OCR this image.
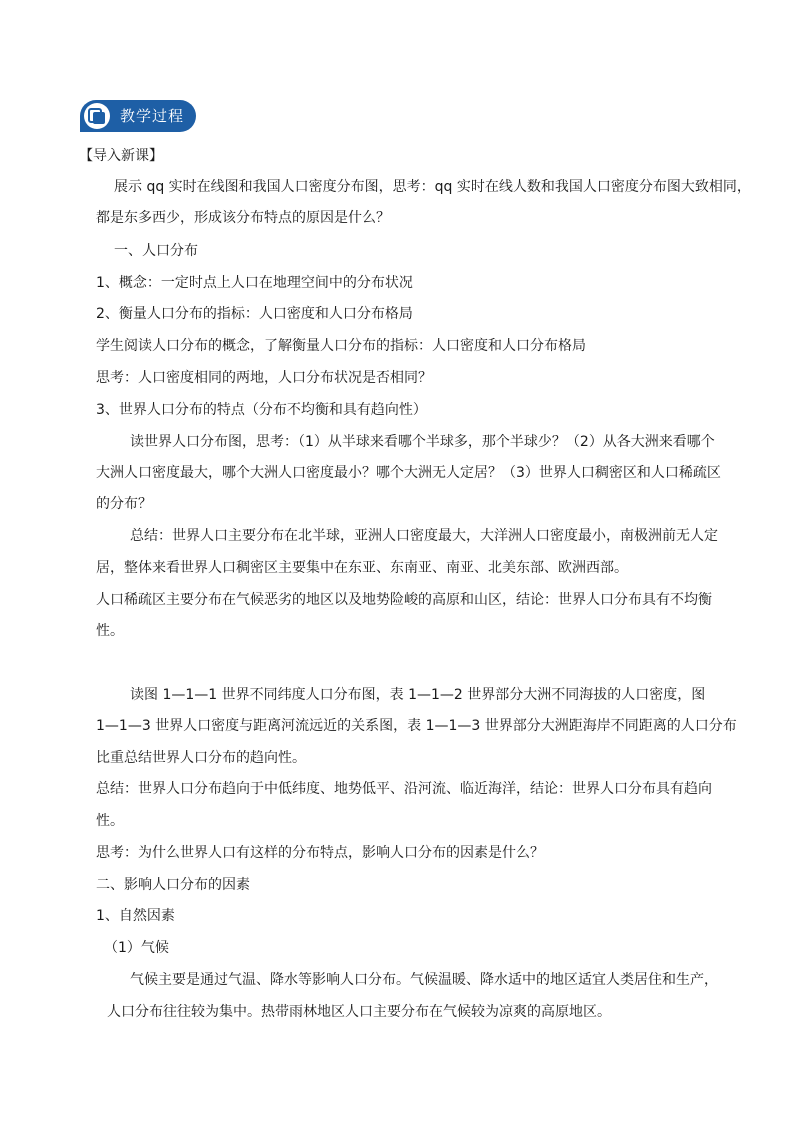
教学过程
【导入新课】
展示 qq 实时在线图和我国人口密度分布图，思考：qq 实时在线人数和我国人口密度分布图大致相同，
都是东多西少，形成该分布特点的原因是什么？
一、人口分布
1、概念：一定时点上人口在地理空间中的分布状况
2、衡量人口分布的指标：人口密度和人口分布格局
学生阅读人口分布的概念，了解衡量人口分布的指标：人口密度和人口分布格局
思考：人口密度相同的两地，人口分布状况是否相同？
3、世界人口分布的特点（分布不均衡和具有趋向性）
读世界人口分布图，思考：（1）从半球来看哪个半球多，那个半球少？（2）从各大洲来看哪个
大洲人口密度最大，哪个大洲人口密度最小？哪个大洲无人定居？（3）世界人口稠密区和人口稀疏区
的分布？
总结：世界人口主要分布在北半球，亚洲人口密度最大，大洋洲人口密度最小，南极洲前无人定
居，整体来看世界人口稠密区主要集中在东亚、东南亚、南亚、北美东部、欧洲西部。
人口稀疏区主要分布在气候恶劣的地区以及地势险峻的高原和山区，结论：世界人口分布具有不均衡
性。
读图 1—1—1 世界不同纬度人口分布图，表 1—1—2 世界部分大洲不同海拔的人口密度，图
1—1—3 世界人口密度与距离河流远近的关系图，表 1—1—3 世界部分大洲距海岸不同距离的人口分布
比重总结世界人口分布的趋向性。
总结：世界人口分布趋向于中低纬度、地势低平、沿河流、临近海洋，结论：世界人口分布具有趋向
性。
思考：为什么世界人口有这样的分布特点，影响人口分布的因素是什么？
二、影响人口分布的因素
1、自然因素
（1）气候
气候主要是通过气温、降水等影响人口分布。气候温暖、降水适中的地区适宜人类居住和生产，
人口分布往往较为集中。热带雨林地区人口主要分布在气候较为凉爽的高原地区。
